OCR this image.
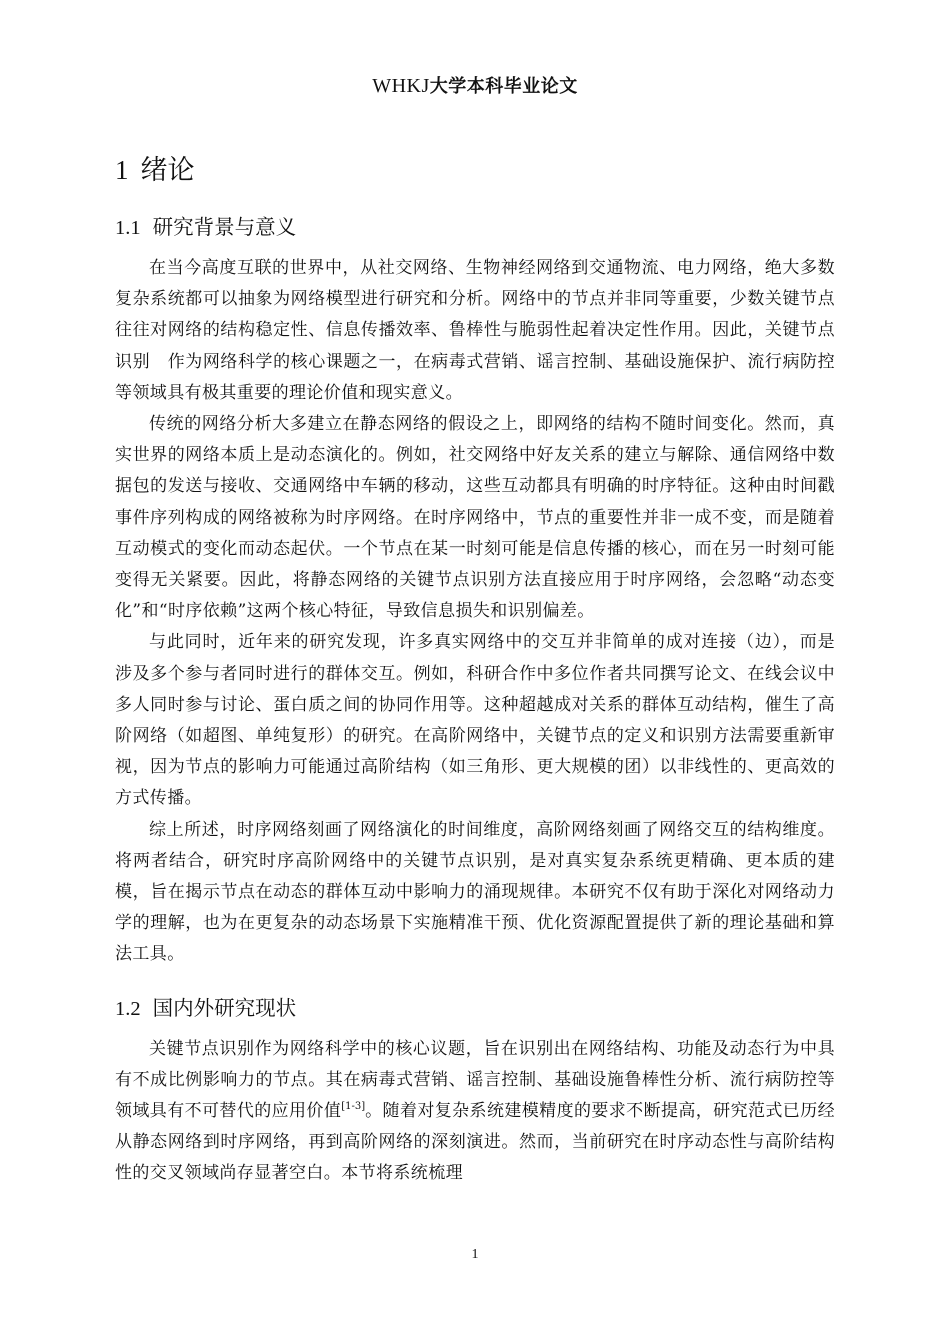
WHKJ大学本科毕业论文
1 绪论
1.1 研究背景与意义

在当今高度互联的世界中，从社交网络、生物神经网络到交通物流、电力网络，绝大多数复杂系统都可以抽象为网络模型进行研究和分析。网络中的节点并非同等重要，少数关键节点往往对网络的结构稳定性、信息传播效率、鲁棒性与脆弱性起着决定性作用。因此，关键节点识别　作为网络科学的核心课题之一，在病毒式营销、谣言控制、基础设施保护、流行病防控等领域具有极其重要的理论价值和现实意义。

传统的网络分析大多建立在静态网络的假设之上，即网络的结构不随时间变化。然而，真实世界的网络本质上是动态演化的。例如，社交网络中好友关系的建立与解除、通信网络中数据包的发送与接收、交通网络中车辆的移动，这些互动都具有明确的时序特征。这种由时间戳事件序列构成的网络被称为时序网络。在时序网络中，节点的重要性并非一成不变，而是随着互动模式的变化而动态起伏。一个节点在某一时刻可能是信息传播的核心，而在另一时刻可能变得无关紧要。因此，将静态网络的关键节点识别方法直接应用于时序网络，会忽略“动态变化”和“时序依赖”这两个核心特征，导致信息损失和识别偏差。

与此同时，近年来的研究发现，许多真实网络中的交互并非简单的成对连接（边），而是涉及多个参与者同时进行的群体交互。例如，科研合作中多位作者共同撰写论文、在线会议中多人同时参与讨论、蛋白质之间的协同作用等。这种超越成对关系的群体互动结构，催生了高阶网络（如超图、单纯复形）的研究。在高阶网络中，关键节点的定义和识别方法需要重新审视，因为节点的影响力可能通过高阶结构（如三角形、更大规模的团）以非线性的、更高效的方式传播。

综上所述，时序网络刻画了网络演化的时间维度，高阶网络刻画了网络交互的结构维度。将两者结合，研究时序高阶网络中的关键节点识别，是对真实复杂系统更精确、更本质的建模，旨在揭示节点在动态的群体互动中影响力的涌现规律。本研究不仅有助于深化对网络动力学的理解，也为在更复杂的动态场景下实施精准干预、优化资源配置提供了新的理论基础和算法工具。

1.2 国内外研究现状

关键节点识别作为网络科学中的核心议题，旨在识别出在网络结构、功能及动态行为中具有不成比例影响力的节点。其在病毒式营销、谣言控制、基础设施鲁棒性分析、流行病防控等领域具有不可替代的应用价值[1-3]。随着对复杂系统建模精度的要求不断提高，研究范式已历经从静态网络到时序网络，再到高阶网络的深刻演进。然而，当前研究在时序动态性与高阶结构性的交叉领域尚存显著空白。本节将系统梳理

1
